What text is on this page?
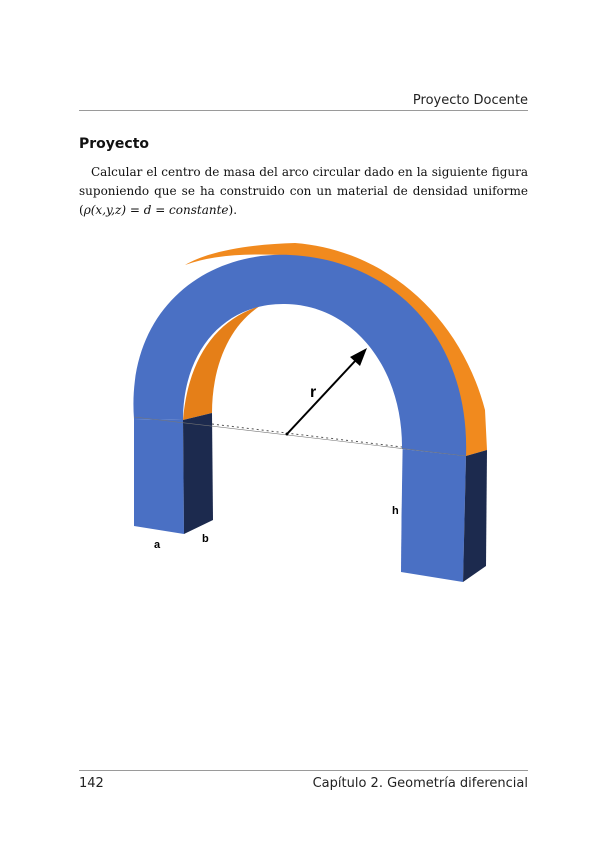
Proyecto Docente
Proyecto

Calcular el centro de masa del arco circular dado en la siguiente figura suponiendo que se ha construido con un material de densidad uniforme (ρ(x,y,z) = d = constante).

r
h
a	b
142	Capítulo 2. Geometría diferencial
